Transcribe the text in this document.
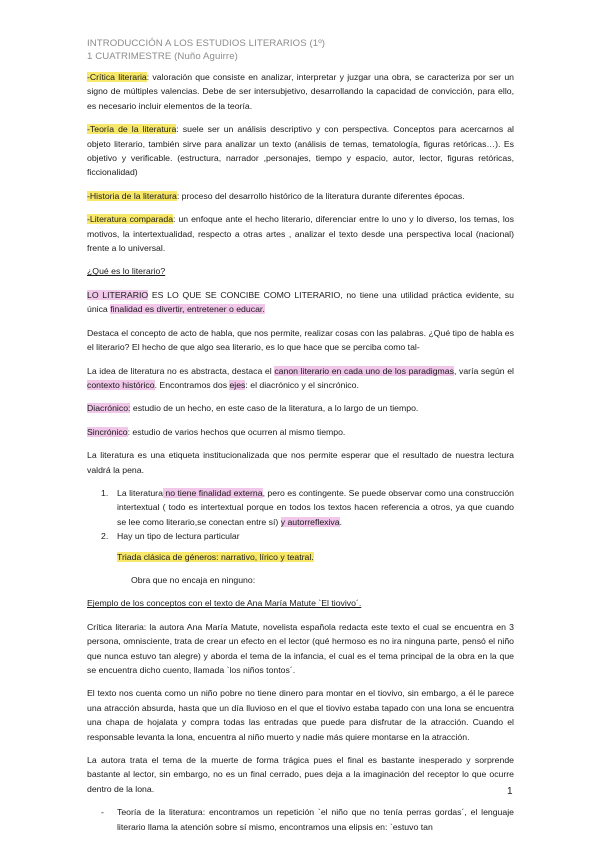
INTRODUCCIÓN A LOS ESTUDIOS LITERARIOS (1º)
1 CUATRIMESTRE (Nuño Aguirre)
-Crítica literaria: valoración que consiste en analizar, interpretar y juzgar una obra, se caracteriza por ser un signo de múltiples valencias. Debe de ser intersubjetivo, desarrollando la capacidad de convicción, para ello, es necesario incluir elementos de la teoría.
-Teoría de la literatura: suele ser un análisis descriptivo y con perspectiva. Conceptos para acercarnos al objeto literario, también sirve para analizar un texto (análisis de temas, tematología, figuras retóricas…). Es objetivo y verificable. (estructura, narrador ,personajes, tiempo y espacio, autor, lector, figuras retóricas, ficcionalidad)
-Historia de la literatura: proceso del desarrollo histórico de la literatura durante diferentes épocas.
-Literatura comparada: un enfoque ante el hecho literario, diferenciar entre lo uno y lo diverso, los temas, los motivos, la intertextualidad, respecto a otras artes , analizar el texto desde una perspectiva local (nacional) frente a lo universal.
¿Qué es lo literario?
LO LITERARIO ES LO QUE SE CONCIBE COMO LITERARIO, no tiene una utilidad práctica evidente, su única finalidad es divertir, entretener o educar.
Destaca el concepto de acto de habla, que nos permite, realizar cosas con las palabras. ¿Qué tipo de habla es el literario? El hecho de que algo sea literario, es lo que hace que se perciba como tal-
La idea de literatura no es abstracta, destaca el canon literario en cada uno de los paradigmas, varía según el contexto histórico. Encontramos dos ejes: el diacrónico y el sincrónico.
Diacrónico: estudio de un hecho, en este caso de la literatura, a lo largo de un tiempo.
Sincrónico: estudio de varios hechos que ocurren al mismo tiempo.
La literatura es una etiqueta institucionalizada que nos permite esperar que el resultado de nuestra lectura valdrá la pena.
1. La literatura no tiene finalidad externa, pero es contingente. Se puede observar como una construcción intertextual ( todo es intertextual porque en todos los textos hacen referencia a otros, ya que cuando se lee como literario,se conectan entre sí) y autorreflexiva.
2. Hay un tipo de lectura particular
Triada clásica de géneros: narrativo, lírico y teatral.
Obra que no encaja en ninguno:
Ejemplo de los conceptos con el texto de Ana María Matute `El tiovivo´.
Crítica literaria: la autora Ana María Matute, novelista española redacta este texto el cual se encuentra en 3 persona, omnisciente, trata de crear un efecto en el lector (qué hermoso es no ira ninguna parte, pensó el niño que nunca estuvo tan alegre) y aborda el tema de la infancia, el cual es el tema principal de la obra en la que se encuentra dicho cuento, llamada `los niños tontos´.
El texto nos cuenta como un niño pobre no tiene dinero para montar en el tiovivo, sin embargo, a él le parece una atracción absurda, hasta que un día lluvioso en el que el tiovivo estaba tapado con una lona se encuentra una chapa de hojalata y compra todas las entradas que puede para disfrutar de la atracción. Cuando el responsable levanta la lona, encuentra al niño muerto y nadie más quiere montarse en la atracción.
La autora trata el tema de la muerte de forma trágica pues el final es bastante inesperado y sorprende bastante al lector, sin embargo, no es un final cerrado, pues deja a la imaginación del receptor lo que ocurre dentro de la lona.
- Teoría de la literatura: encontramos un repetición `el niño que no tenía perras gordas´, el lenguaje literario llama la atención sobre sí mismo, encontramos una elipsis en: `estuvo tan
1
